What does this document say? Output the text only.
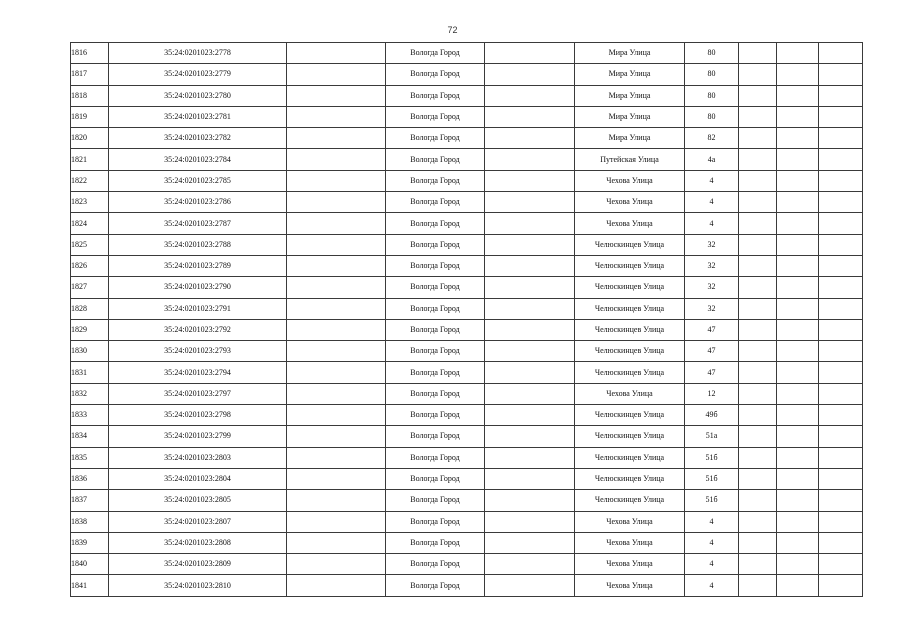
72
1816	35:24:0201023:2778		Вологда Город		Мира Улица	80			
1817	35:24:0201023:2779		Вологда Город		Мира Улица	80			
1818	35:24:0201023:2780		Вологда Город		Мира Улица	80			
1819	35:24:0201023:2781		Вологда Город		Мира Улица	80			
1820	35:24:0201023:2782		Вологда Город		Мира Улица	82			
1821	35:24:0201023:2784		Вологда Город		Путейская Улица	4а			
1822	35:24:0201023:2785		Вологда Город		Чехова Улица	4			
1823	35:24:0201023:2786		Вологда Город		Чехова Улица	4			
1824	35:24:0201023:2787		Вологда Город		Чехова Улица	4			
1825	35:24:0201023:2788		Вологда Город		Челюскинцев Улица	32			
1826	35:24:0201023:2789		Вологда Город		Челюскинцев Улица	32			
1827	35:24:0201023:2790		Вологда Город		Челюскинцев Улица	32			
1828	35:24:0201023:2791		Вологда Город		Челюскинцев Улица	32			
1829	35:24:0201023:2792		Вологда Город		Челюскинцев Улица	47			
1830	35:24:0201023:2793		Вологда Город		Челюскинцев Улица	47			
1831	35:24:0201023:2794		Вологда Город		Челюскинцев Улица	47			
1832	35:24:0201023:2797		Вологда Город		Чехова Улица	12			
1833	35:24:0201023:2798		Вологда Город		Челюскинцев Улица	49б			
1834	35:24:0201023:2799		Вологда Город		Челюскинцев Улица	51а			
1835	35:24:0201023:2803		Вологда Город		Челюскинцев Улица	51б			
1836	35:24:0201023:2804		Вологда Город		Челюскинцев Улица	51б			
1837	35:24:0201023:2805		Вологда Город		Челюскинцев Улица	51б			
1838	35:24:0201023:2807		Вологда Город		Чехова Улица	4			
1839	35:24:0201023:2808		Вологда Город		Чехова Улица	4			
1840	35:24:0201023:2809		Вологда Город		Чехова Улица	4			
1841	35:24:0201023:2810		Вологда Город		Чехова Улица	4			
